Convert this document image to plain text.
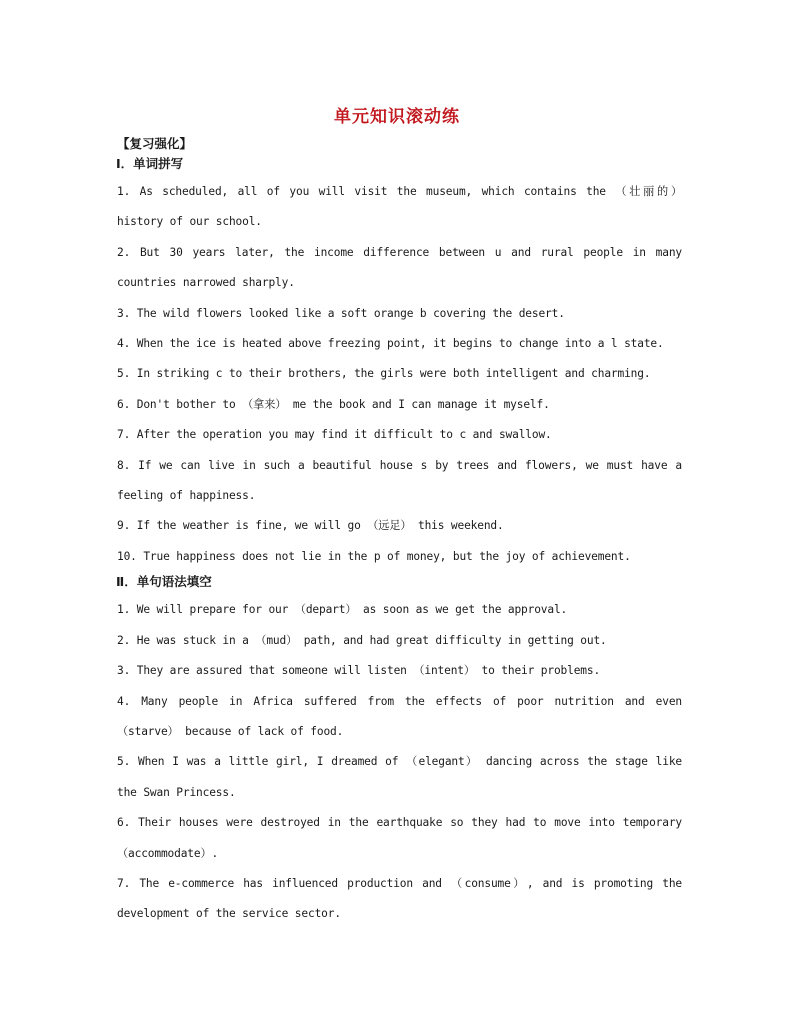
单元知识滚动练
【复习强化】
Ⅰ．单词拼写
1. As scheduled, all of you will visit the museum, which contains the （壮丽的） history of our school.
2. But 30 years later, the income difference between u and rural people in many countries narrowed sharply.
3. The wild flowers looked like a soft orange b covering the desert.
4. When the ice is heated above freezing point, it begins to change into a l state.
5. In striking c to their brothers, the girls were both intelligent and charming.
6. Don't bother to （拿来） me the book and I can manage it myself.
7. After the operation you may find it difficult to c and swallow.
8. If we can live in such a beautiful house s by trees and flowers, we must have a feeling of happiness.
9. If the weather is fine, we will go （远足） this weekend.
10. True happiness does not lie in the p of money, but the joy of achievement.
Ⅱ．单句语法填空
1. We will prepare for our （depart） as soon as we get the approval.
2. He was stuck in a （mud） path, and had great difficulty in getting out.
3. They are assured that someone will listen （intent） to their problems.
4. Many people in Africa suffered from the effects of poor nutrition and even （starve） because of lack of food.
5. When I was a little girl, I dreamed of （elegant） dancing across the stage like the Swan Princess.
6. Their houses were destroyed in the earthquake so they had to move into temporary （accommodate）.
7. The e-commerce has influenced production and （consume）, and is promoting the development of the service sector.
